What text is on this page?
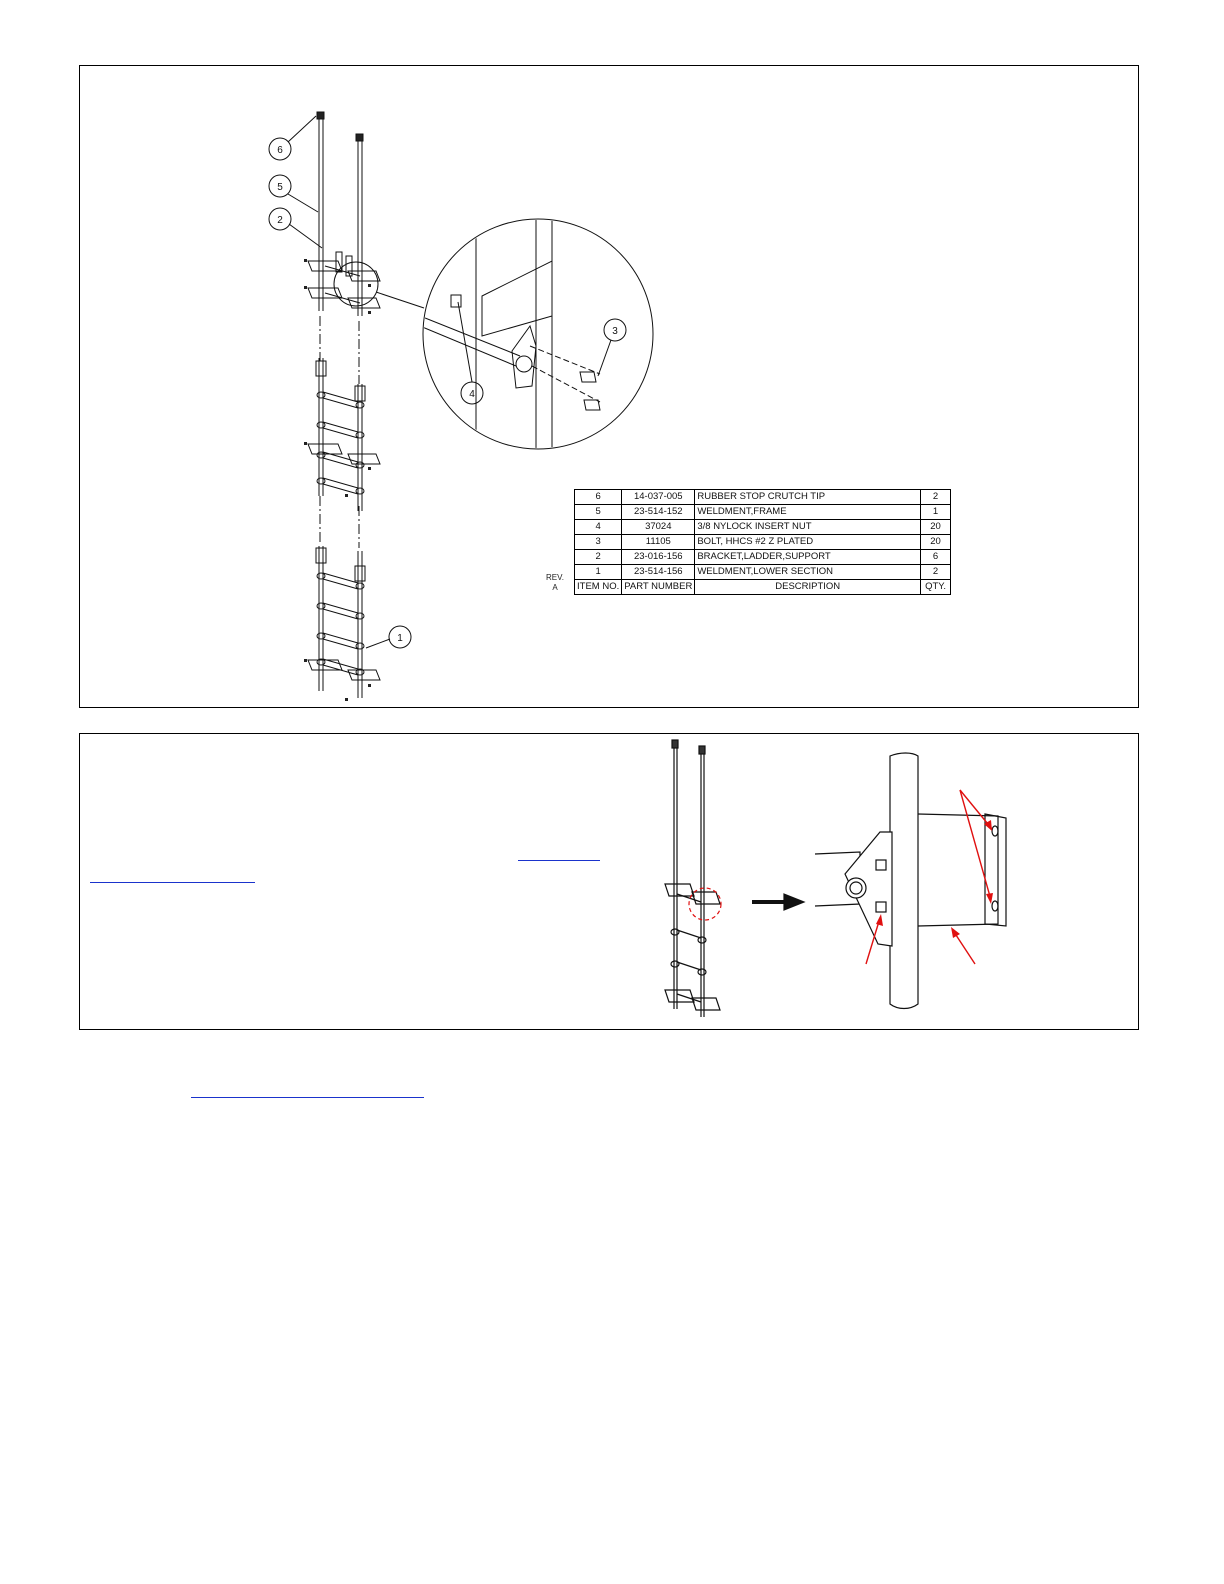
6
5
2
3
4
1
REV.
A
6	14-037-005	RUBBER STOP CRUTCH TIP	2
5	23-514-152	WELDMENT,FRAME	1
4	37024	3/8 NYLOCK INSERT NUT	20
3	11105	BOLT, HHCS #2 Z PLATED	20
2	23-016-156	BRACKET,LADDER,SUPPORT	6
1	23-514-156	WELDMENT,LOWER SECTION	2
ITEM NO.	PART NUMBER	DESCRIPTION	QTY.
